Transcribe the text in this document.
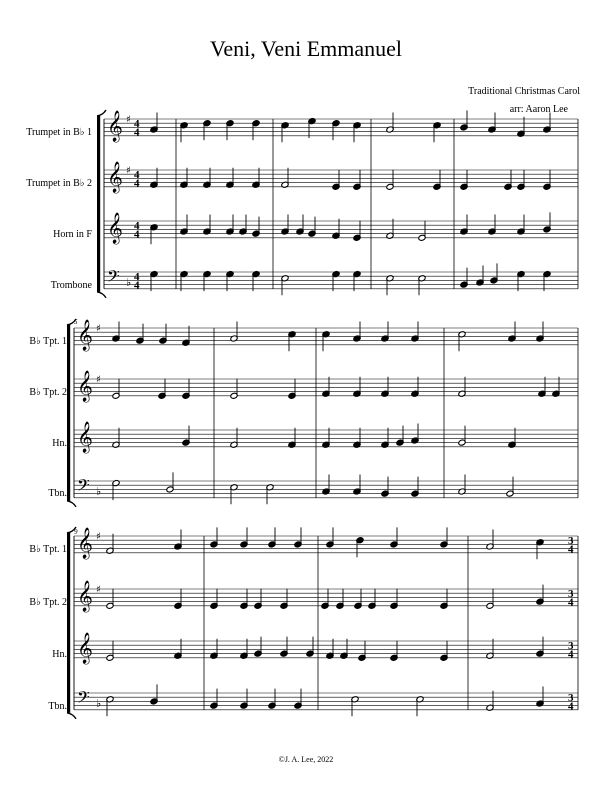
Veni, Veni Emmanuel
Traditional Christmas Carol
arr: Aaron Lee
Trumpet in B♭ 1
Trumpet in B♭ 2
Horn in F
Trombone
B♭ Tpt. 1
B♭ Tpt. 2
Hn.
Tbn.
B♭ Tpt. 1
B♭ Tpt. 2
Hn.
Tbn.
5
9
𝄞 ♯ 4
4
𝄞 ♯ 4
4
𝄞 4
4
𝄢 ♭ 4
4
𝄞 ♯
𝄞 ♯
𝄞
𝄢 ♭
𝄞 ♯	3
4
𝄞 ♯	3
4
𝄞	3
4
𝄢 ♭	3
4
©J. A. Lee, 2022
